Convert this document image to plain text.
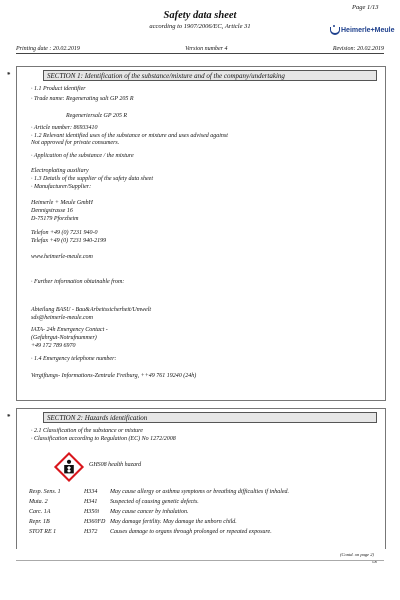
Page 1/13
Safety data sheet
according to 1907/2006/EC, Article 31	Heimerle+Meule
Printing date : 20.02.2019	Version number 4	Revision: 20.02.2019
SECTION 1: Identification of the substance/mixture and of the company/undertaking
*
· 1.1 Product identifier
· Trade name: Regenerating salt GP 205 R
Regeneriersalz GP 205 R
· Article number: 86933410
· 1.2 Relevant identified uses of the substance or mixture and uses advised against
Not approved for private consumers.
· Application of the substance / the mixture
Electroplating auxiliary
· 1.3 Details of the supplier of the safety data sheet
· Manufacturer/Supplier:
Heimerle + Meule GmbH
Dennigstrasse 16
D-75179 Pforzheim
Telefon +49 (0) 7231 940-0
Telefax +49 (0) 7231 940-2199
www.heimerle-meule.com
· Further information obtainable from:
Abteilung BASU - Bau&Arbeitssicherheit/Umwelt
sds@heimerle-meule.com
IATA- 24h Emergency Contact -
(Gefahrgut-Notrufnummer)
+49 172 789 6970
· 1.4 Emergency telephone number:
Vergiftungs- Informations-Zentrale Freiburg, ++49 761 19240 (24h)
SECTION 2: Hazards identification
*
· 2.1 Classification of the substance or mixture
· Classification according to Regulation (EC) No 1272/2008
GHS08 health hazard
Resp. Sens. 1	H334 May cause allergy or asthma symptoms or breathing difficulties if inhaled.
Muta. 2	H341 Suspected of causing genetic defects.
Carc. 1A	H350i May cause cancer by inhalation.
Repr. 1B	H360FD May damage fertility. May damage the unborn child.
STOT RE 1	H372 Causes damage to organs through prolonged or repeated exposure.
(Contd. on page 2)
GB
